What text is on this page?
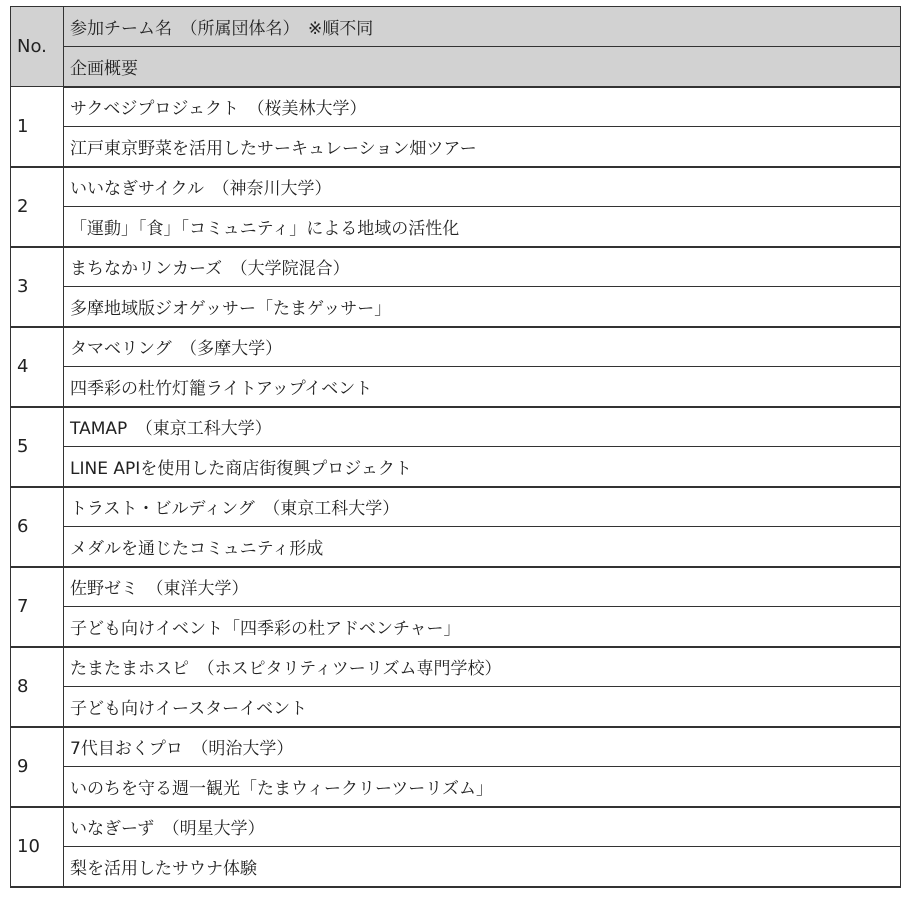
No.	参加チーム名　（所属団体名）　※順不同
	企画概要
1	サクベジプロジェクト　（桜美林大学）
	江戸東京野菜を活用したサーキュレーション畑ツアー
2	いいなぎサイクル　（神奈川大学）
	「運動」「食」「コミュニティ」による地域の活性化
3	まちなかリンカーズ　（大学院混合）
	多摩地域版ジオゲッサー「たまゲッサー」
4	タマベリング　（多摩大学）
	四季彩の杜竹灯籠ライトアップイベント
5	TAMAP　（東京工科大学）
	LINE APIを使用した商店街復興プロジェクト
6	トラスト・ビルディング　（東京工科大学）
	メダルを通じたコミュニティ形成
7	佐野ゼミ　（東洋大学）
	子ども向けイベント「四季彩の杜アドベンチャー」
8	たまたまホスピ　（ホスピタリティツーリズム専門学校）
	子ども向けイースターイベント
9	7代目おくプロ　（明治大学）
	いのちを守る週一観光「たまウィークリーツーリズム」
10	いなぎーず　（明星大学）
	梨を活用したサウナ体験
